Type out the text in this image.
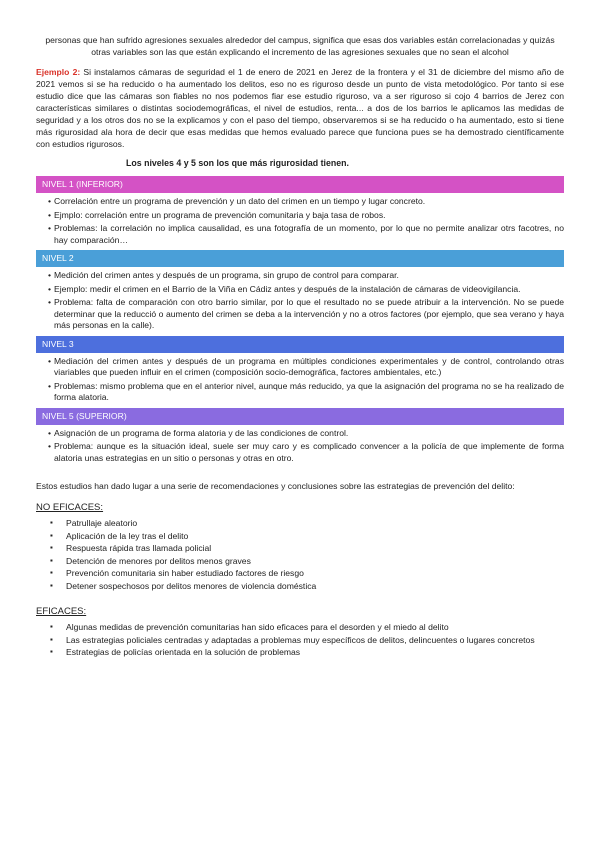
personas que han sufrido agresiones sexuales alrededor del campus, significa que esas dos variables están correlacionadas y quizás otras variables son las que están explicando el incremento de las agresiones sexuales que no sean el alcohol

Ejemplo 2: Si instalamos cámaras de seguridad el 1 de enero de 2021 en Jerez de la frontera y el 31 de diciembre del mismo año de 2021 vemos si se ha reducido o ha aumentado los delitos, eso no es riguroso desde un punto de vista metodológico. Por tanto si ese estudio dice que las cámaras son fiables no nos podemos fiar ese estudio riguroso, va a ser riguroso si cojo 4 barrios de Jerez con características similares o distintas sociodemográficas, el nivel de estudios, renta... a dos de los barrios le aplicamos las medidas de seguridad y a los otros dos no se la explicamos y con el paso del tiempo, observaremos si se ha reducido o ha aumentado, esto si tiene más rigurosidad ala hora de decir que esas medidas que hemos evaluado parece que funciona pues se ha demostrado científicamente con estudios rigurosos.

Los niveles 4 y 5 son los que más rigurosidad tienen.
NIVEL 1 (INFERIOR)
• Correlación entre un programa de prevención y un dato del crimen en un tiempo y lugar concreto.
• Ejmplo: correlación entre un programa de prevención comunitaria y baja tasa de robos.
• Problemas: la correlación no implica causalidad, es una fotografía de un momento, por lo que no permite analizar otrs facotres, no hay comparación…
NIVEL 2
• Medición del crimen antes y después de un programa, sin grupo de control para comparar.
• Ejemplo: medir el crimen en el Barrio de la Viña en Cádiz antes y después de la instalación de cámaras de videovigilancia.
• Problema: falta de comparación con otro barrio similar, por lo que el resultado no se puede atribuir a la intervención. No se puede determinar que la reducció o aumento del crimen se deba a la intervención y no a otros factores (por ejemplo, que sea verano y haya más personas en la calle).
NIVEL 3
• Mediación del crimen antes y después de un programa en múltiples condiciones experimentales y de control, controlando otras viariables que pueden influir en el crimen (composición socio-demográfica, factores ambientales, etc.)
• Problemas: mismo problema que en el anterior nivel, aunque más reducido, ya que la asignación del programa no se ha realizado de forma alatoria.
NIVEL 5 (SUPERIOR)
• Asignación de un programa de forma alatoria y de las condiciones de control.
• Problema: aunque es la situación ideal, suele ser muy caro y es complicado convencer a la policía de que implemente de forma alatoria unas estrategias en un sitio o personas y otras en otro.

Estos estudios han dado lugar a una serie de recomendaciones y conclusiones sobre las estrategias de prevención del delito:

NO EFICACES:
▪ Patrullaje aleatorio
▪ Aplicación de la ley tras el delito
▪ Respuesta rápida tras llamada policial
▪ Detención de menores por delitos menos graves
▪ Prevención comunitaria sin haber estudiado factores de riesgo
▪ Detener sospechosos por delitos menores de violencia doméstica
EFICACES:
▪ Algunas medidas de prevención comunitarias han sido eficaces para el desorden y el miedo al delito
▪ Las estrategias policiales centradas y adaptadas a problemas muy específicos de delitos, delincuentes o lugares concretos
▪ Estrategias de policías orientada en la solución de problemas
